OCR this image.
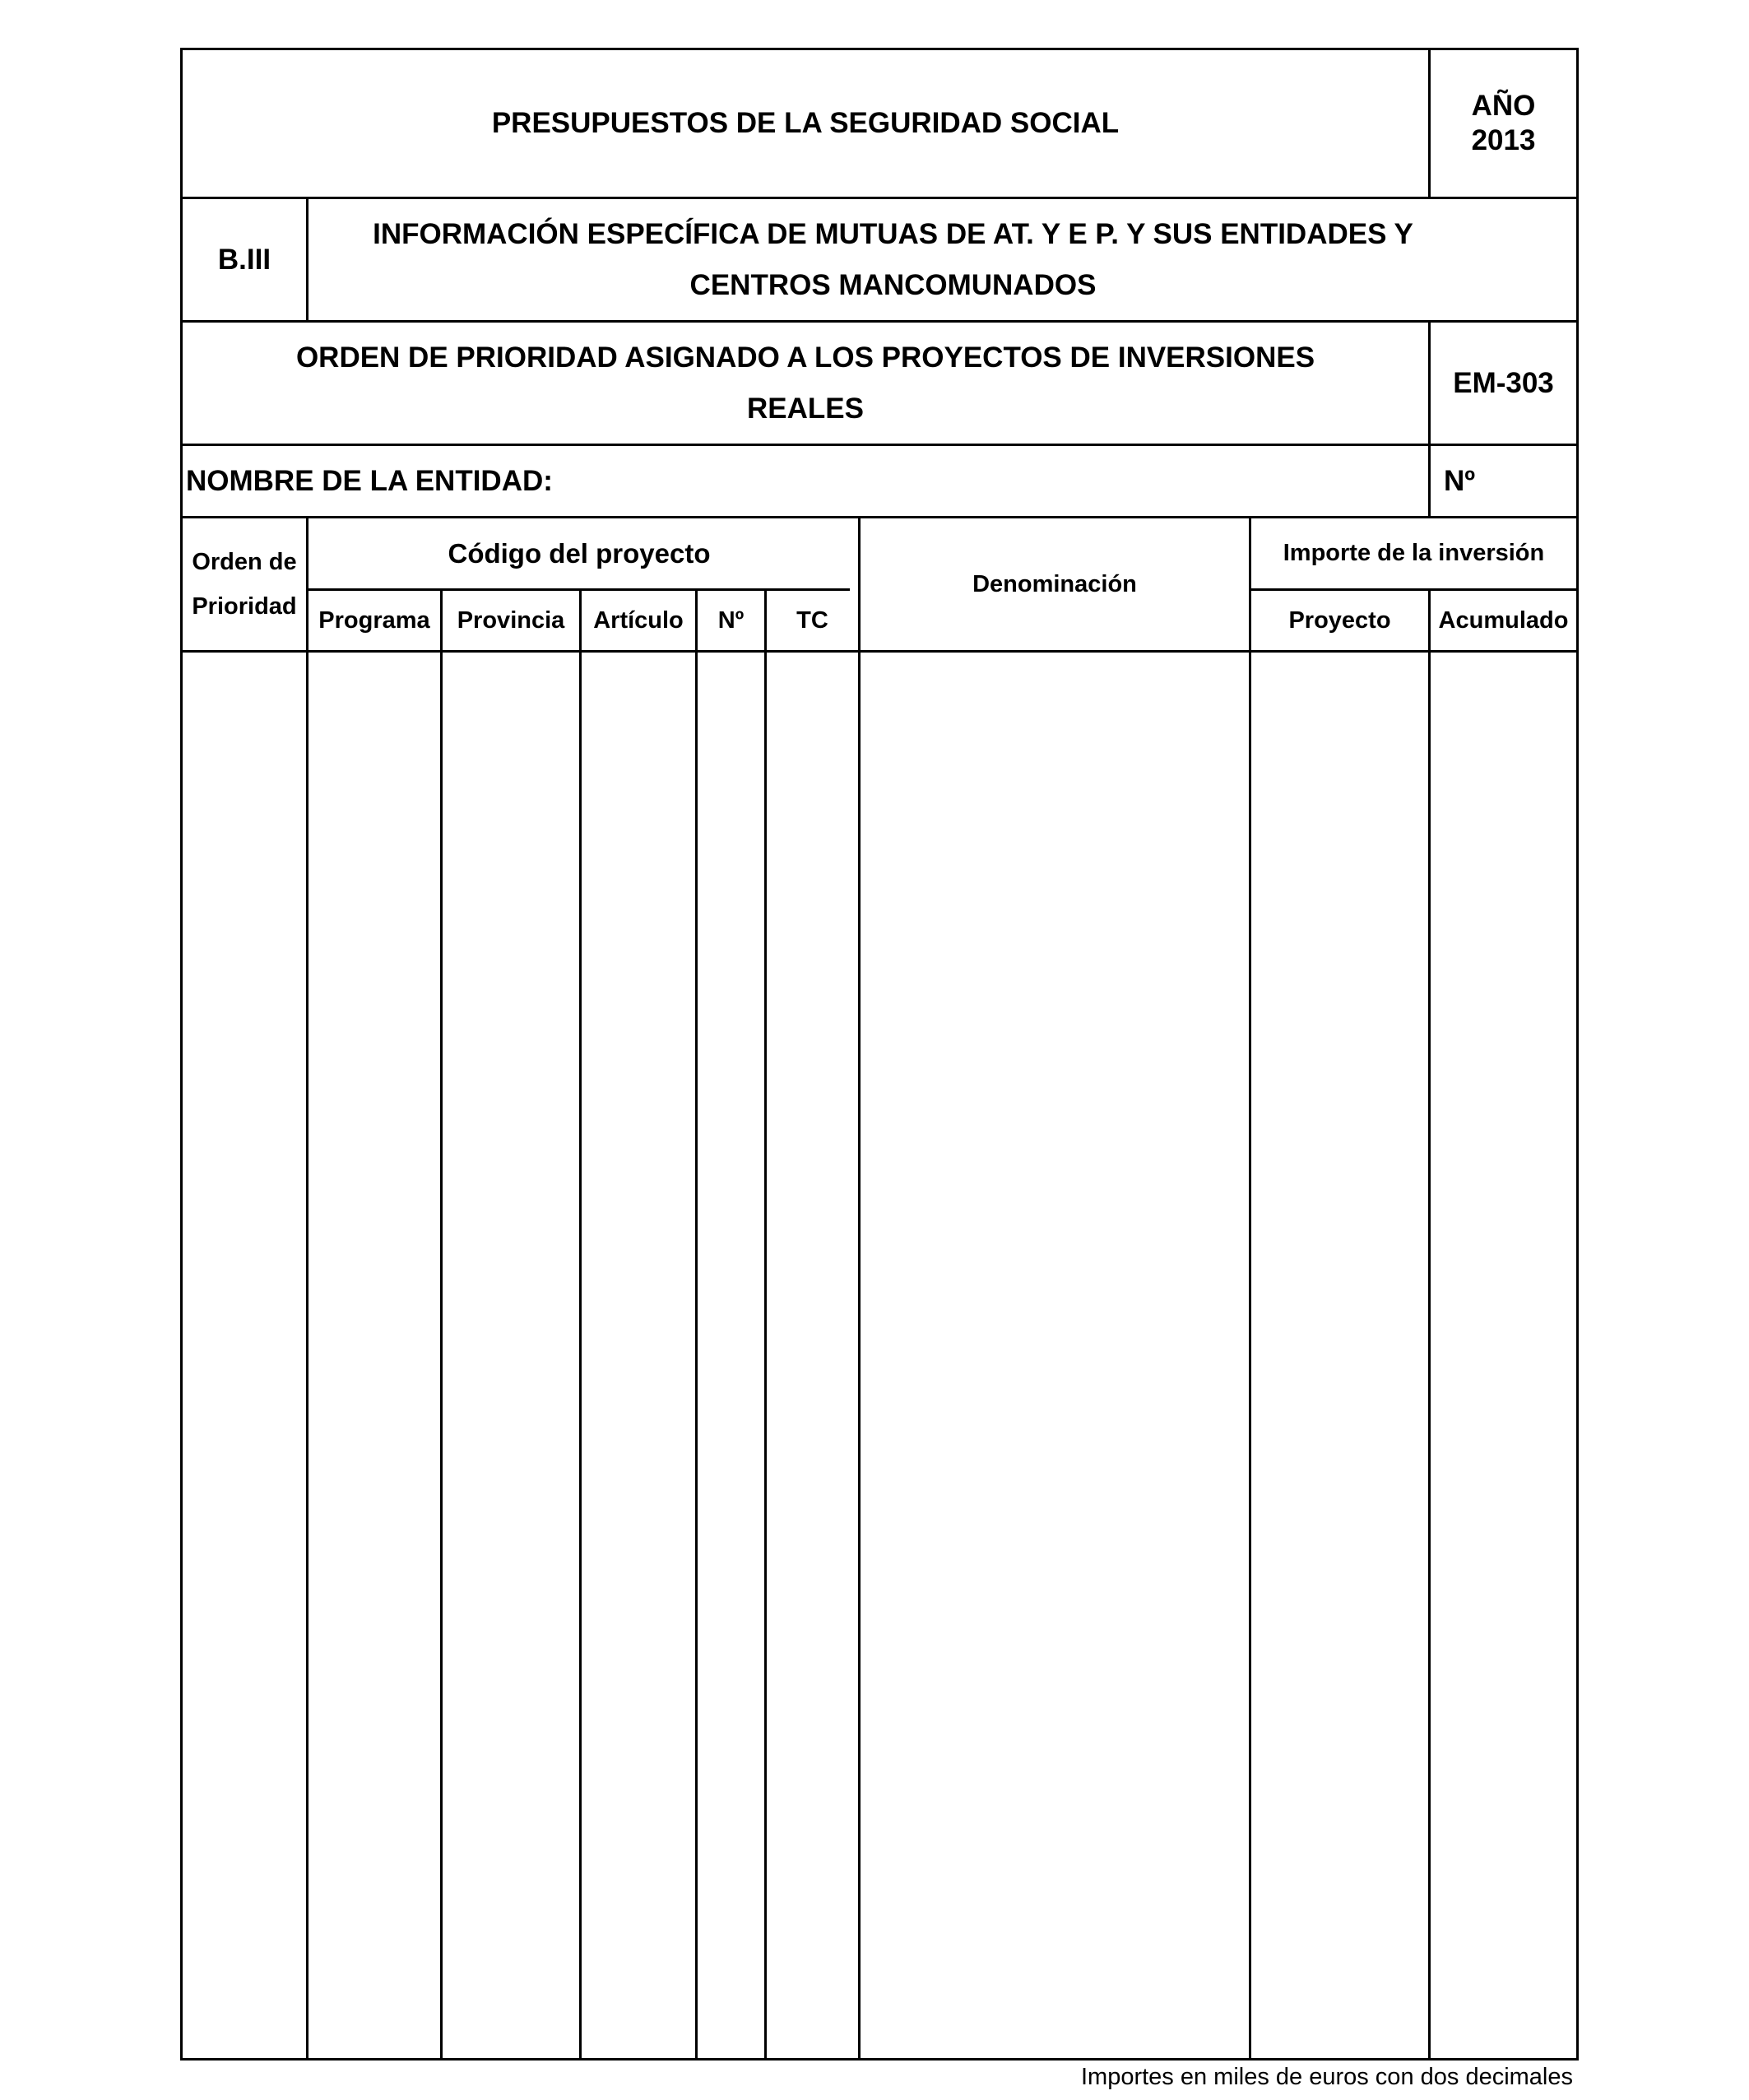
PRESUPUESTOS DE LA SEGURIDAD SOCIAL
AÑO
2013
B.III
INFORMACIÓN ESPECÍFICA DE MUTUAS DE AT. Y E P. Y SUS ENTIDADES Y
CENTROS MANCOMUNADOS
ORDEN DE PRIORIDAD ASIGNADO A LOS PROYECTOS DE INVERSIONES
REALES
EM-303
NOMBRE DE LA ENTIDAD:	Nº
Orden de
Prioridad
Código del proyecto
Programa Provincia Artículo Nº TC
Denominación
Importe de la inversión
Proyecto Acumulado
Importes en miles de euros con dos decimales
